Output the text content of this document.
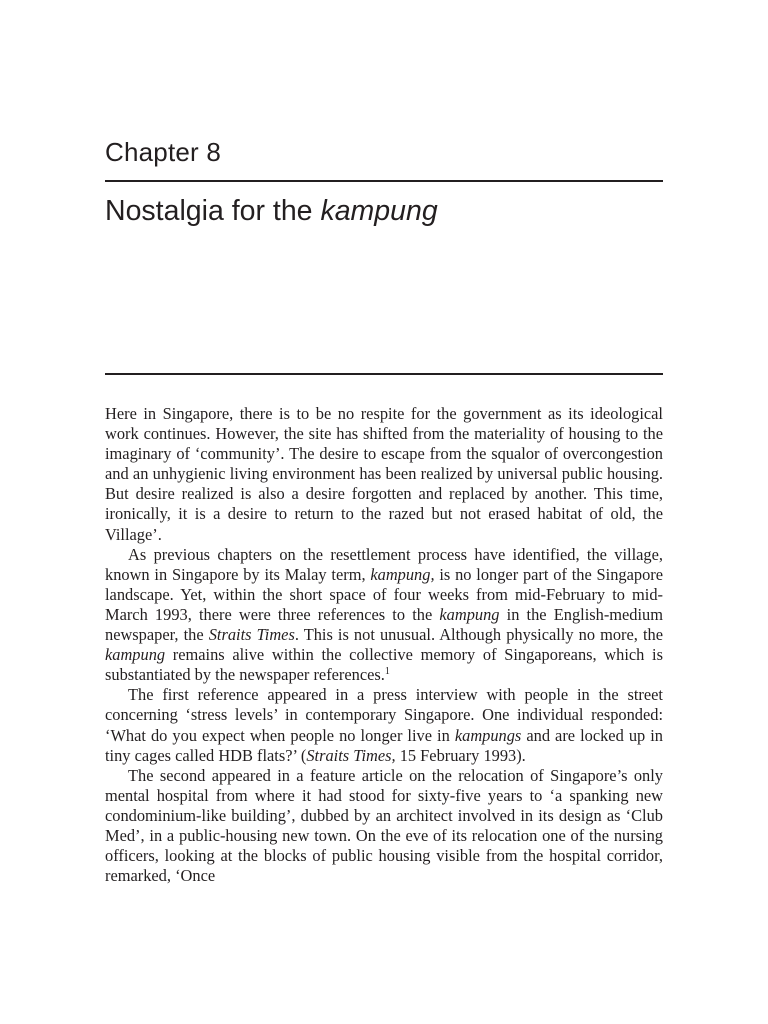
Chapter 8
Nostalgia for the kampung

Here in Singapore, there is to be no respite for the government as its ideological work continues. However, the site has shifted from the materiality of housing to the imaginary of ‘community’. The desire to escape from the squalor of overcongestion and an unhygienic living environment has been realized by universal public housing. But desire realized is also a desire forgotten and replaced by another. This time, ironically, it is a desire to return to the razed but not erased habitat of old, the Village’.

As previous chapters on the resettlement process have identified, the village, known in Singapore by its Malay term, kampung, is no longer part of the Singapore landscape. Yet, within the short space of four weeks from mid-February to mid-March 1993, there were three references to the kampung in the English-medium newspaper, the Straits Times. This is not unusual. Although physically no more, the kampung remains alive within the collective memory of Singaporeans, which is substantiated by the newspaper references.$^1$

The first reference appeared in a press interview with people in the street concerning ‘stress levels’ in contemporary Singapore. One individual responded: ‘What do you expect when people no longer live in kampungs and are locked up in tiny cages called HDB flats?’ (Straits Times, 15 February 1993).

The second appeared in a feature article on the relocation of Singapore’s only mental hospital from where it had stood for sixty-five years to ‘a spanking new condominium-like building’, dubbed by an architect involved in its design as ‘Club Med’, in a public-housing new town. On the eve of its relocation one of the nursing officers, looking at the blocks of public housing visible from the hospital corridor, remarked, ‘Once
